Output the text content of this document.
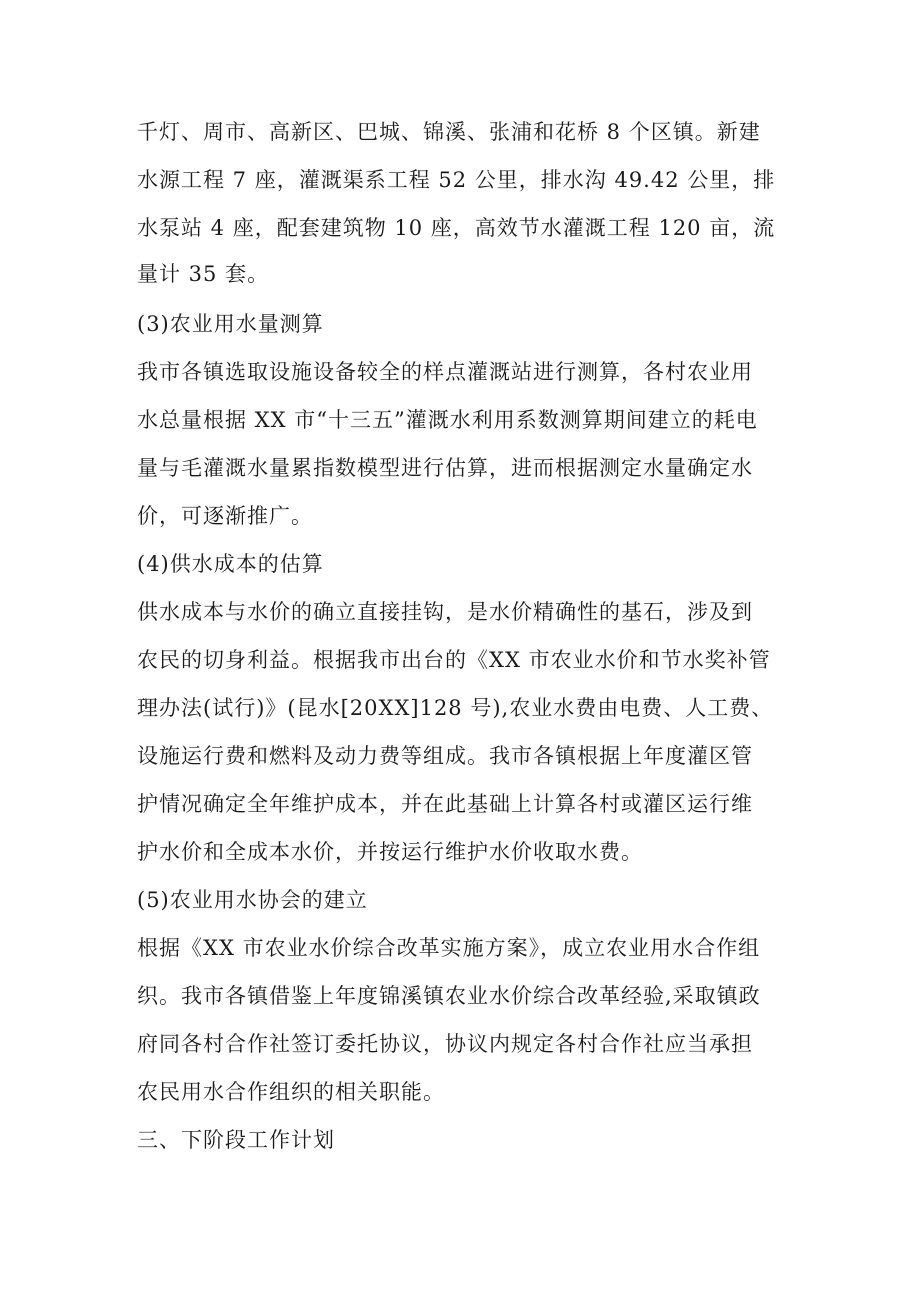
千灯、周市、高新区、巴城、锦溪、张浦和花桥 8 个区镇。新建
水源工程 7 座，灌溉渠系工程 52 公里，排水沟 49.42 公里，排
水泵站 4 座，配套建筑物 10 座，高效节水灌溉工程 120 亩，流
量计 35 套。
(3)农业用水量测算
我市各镇选取设施设备较全的样点灌溉站进行测算，各村农业用
水总量根据 XX 市“十三五”灌溉水利用系数测算期间建立的耗电
量与毛灌溉水量累指数模型进行估算，进而根据测定水量确定水
价，可逐渐推广。
(4)供水成本的估算
供水成本与水价的确立直接挂钩，是水价精确性的基石，涉及到
农民的切身利益。根据我市出台的《XX 市农业水价和节水奖补管
理办法(试行)》(昆水[20XX]128 号),农业水费由电费、人工费、
设施运行费和燃料及动力费等组成。我市各镇根据上年度灌区管
护情况确定全年维护成本，并在此基础上计算各村或灌区运行维
护水价和全成本水价，并按运行维护水价收取水费。
(5)农业用水协会的建立
根据《XX 市农业水价综合改革实施方案》，成立农业用水合作组
织。我市各镇借鉴上年度锦溪镇农业水价综合改革经验,采取镇政
府同各村合作社签订委托协议，协议内规定各村合作社应当承担
农民用水合作组织的相关职能。
三、下阶段工作计划
